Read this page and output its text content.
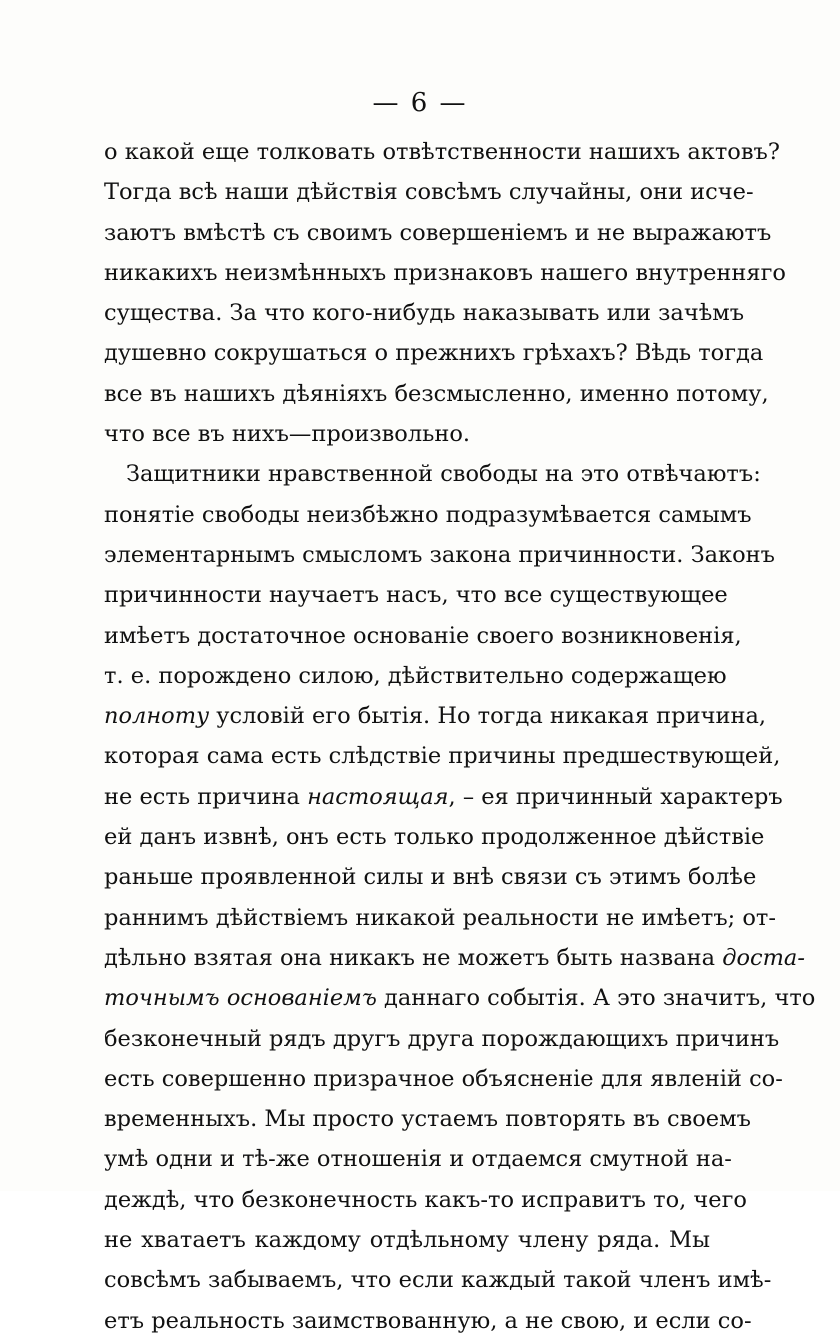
— 6 —
о какой еще толковать отвѣтственности нашихъ актовъ?
Тогда всѣ наши дѣйствія совсѣмъ случайны, они исче-
заютъ вмѣстѣ съ своимъ совершеніемъ и не выражаютъ
никакихъ неизмѣнныхъ признаковъ нашего внутренняго
существа. За что кого-нибудь наказывать или зачѣмъ
душевно сокрушаться о прежнихъ грѣхахъ? Вѣдь тогда
все въ нашихъ дѣяніяхъ безсмысленно, именно потому,
что все въ нихъ—произвольно.
Защитники нравственной свободы на это отвѣчаютъ:
понятіе свободы неизбѣжно подразумѣвается самымъ
элементарнымъ смысломъ закона причинности. Законъ
причинности научаетъ насъ, что все существующее
имѣетъ достаточное основаніе своего возникновенія,
т. е. порождено силою, дѣйствительно содержащею
полноту условій его бытія. Но тогда никакая причина,
которая сама есть слѣдствіе причины предшествующей,
не есть причина настоящая, – ея причинный характеръ
ей данъ извнѣ, онъ есть только продолженное дѣйствіе
раньше проявленной силы и внѣ связи съ этимъ болѣе
раннимъ дѣйствіемъ никакой реальности не имѣетъ; от-
дѣльно взятая она никакъ не можетъ быть названа доста-
точнымъ основаніемъ даннаго событія. А это значитъ, что
безконечный рядъ другъ друга порождающихъ причинъ
есть совершенно призрачное объясненіе для явленій со-
временныхъ. Мы просто устаемъ повторять въ своемъ
умѣ одни и тѣ-же отношенія и отдаемся смутной на-
деждѣ, что безконечность какъ-то исправитъ то, чего
не хватаетъ каждому отдѣльному члену ряда. Мы
совсѣмъ забываемъ, что если каждый такой членъ имѣ-
етъ реальность заимствованную, а не свою, и если со-
